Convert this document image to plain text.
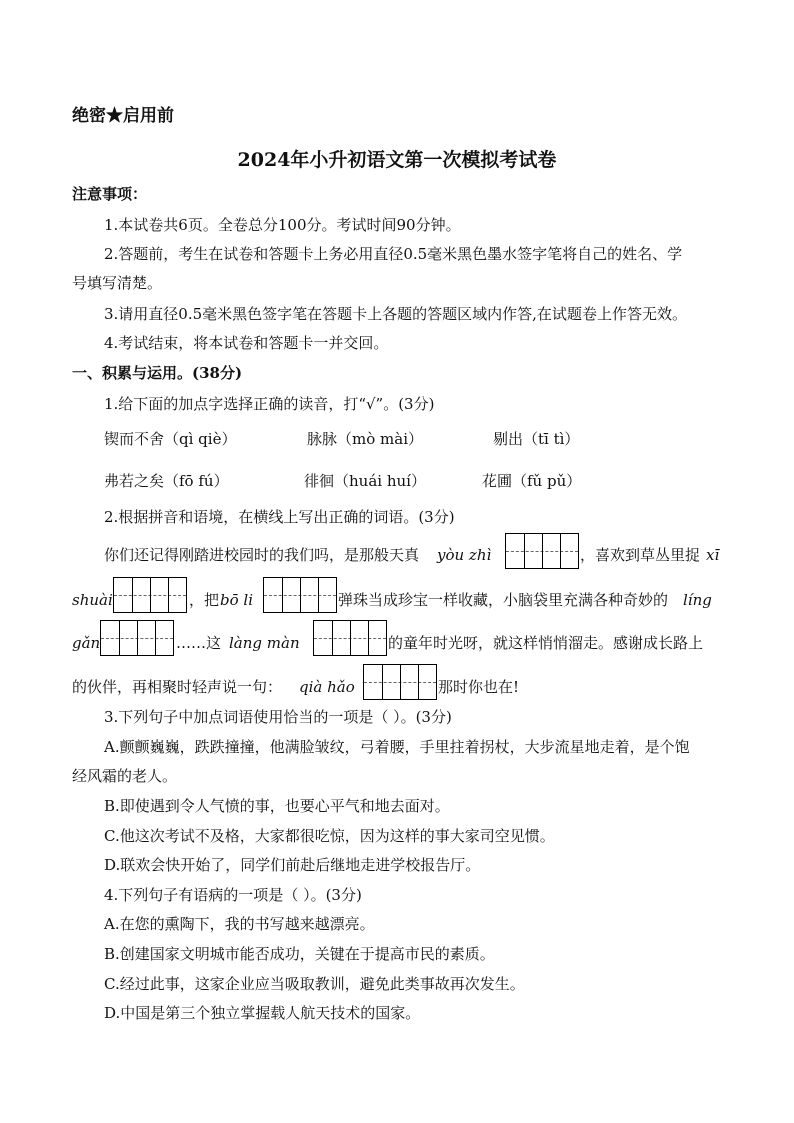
绝密★启用前
2024年小升初语文第一次模拟考试卷
注意事项：
1.本试卷共6页。全卷总分100分。考试时间90分钟。
2.答题前，考生在试卷和答题卡上务必用直径0.5毫米黑色墨水签字笔将自己的姓名、学
号填写清楚。
3.请用直径0.5毫米黑色签字笔在答题卡上各题的答题区域内作答,在试题卷上作答无效。
4.考试结束，将本试卷和答题卡一并交回。
一、积累与运用。(38分)
1.给下面的加点字选择正确的读音，打“√”。(3分)
锲而不舍（qì qiè）	脉脉（mò mài）	剔出（tī tì）
弗若之矣（fō fú）	徘徊（huái huí）	花圃（fǔ pǔ）
2.根据拼音和语境，在横线上写出正确的词语。(3分)
你们还记得刚踏进校园时的我们吗，是那般天真 yòu zhì	，喜欢到草丛里捉 xī
shuài	，把 bō li	弹珠当成珍宝一样收藏，小脑袋里充满各种奇妙的 líng
gǎn	……这 làng màn	的童年时光呀，就这样悄悄溜走。感谢成长路上
的伙伴，再相聚时轻声说一句： qià hǎo	那时你也在!
3.下列句子中加点词语使用恰当的一项是（ ）。(3分)
A.颤颤巍巍，跌跌撞撞，他满脸皱纹，弓着腰，手里拄着拐杖，大步流星地走着，是个饱
经风霜的老人。
B.即使遇到令人气愤的事，也要心平气和地去面对。
C.他这次考试不及格，大家都很吃惊，因为这样的事大家司空见惯。
D.联欢会快开始了，同学们前赴后继地走进学校报告厅。
4.下列句子有语病的一项是（ ）。(3分)
A.在您的熏陶下，我的书写越来越漂亮。
B.创建国家文明城市能否成功，关键在于提高市民的素质。
C.经过此事，这家企业应当吸取教训，避免此类事故再次发生。
D.中国是第三个独立掌握载人航天技术的国家。
